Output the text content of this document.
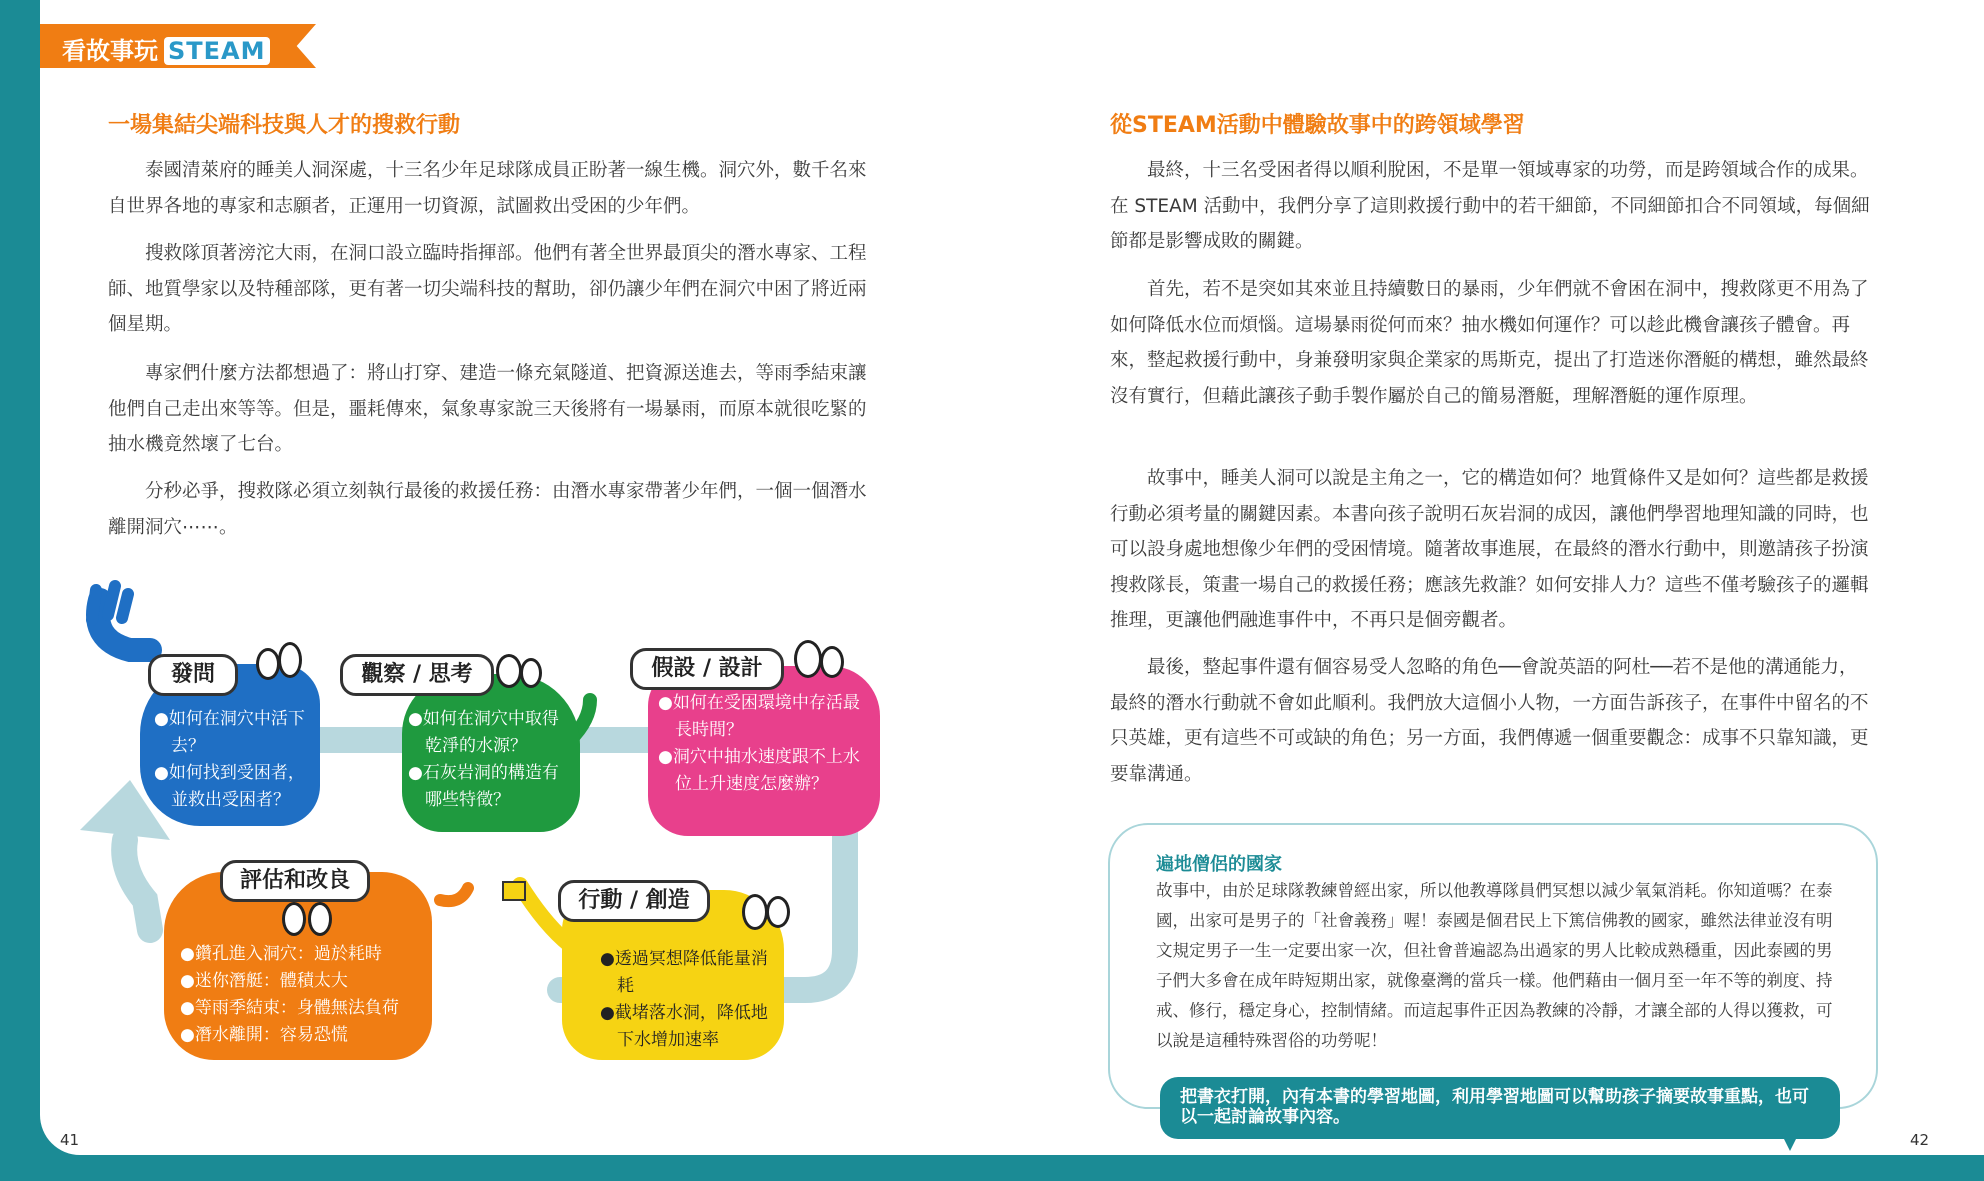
看故事玩 STEAM
一場集結尖端科技與人才的搜救行動

泰國清萊府的睡美人洞深處，十三名少年足球隊成員正盼著一線生機。洞穴外，數千名來自世界各地的專家和志願者，正運用一切資源，試圖救出受困的少年們。

搜救隊頂著滂沱大雨，在洞口設立臨時指揮部。他們有著全世界最頂尖的潛水專家、工程師、地質學家以及特種部隊，更有著一切尖端科技的幫助，卻仍讓少年們在洞穴中困了將近兩個星期。

專家們什麼方法都想過了：將山打穿、建造一條充氣隧道、把資源送進去，等雨季結束讓他們自己走出來等等。但是，噩耗傳來，氣象專家說三天後將有一場暴雨，而原本就很吃緊的抽水機竟然壞了七台。

分秒必爭，搜救隊必須立刻執行最後的救援任務：由潛水專家帶著少年們，一個一個潛水離開洞穴⋯⋯。

發問
● 如何在洞穴中活下去？
● 如何找到受困者，並救出受困者？
觀察 / 思考
● 如何在洞穴中取得乾淨的水源？
● 石灰岩洞的構造有哪些特徵？
假設 / 設計
● 如何在受困環境中存活最長時間？
● 洞穴中抽水速度跟不上水位上升速度怎麼辦？
評估和改良
● 鑽孔進入洞穴：過於耗時
● 迷你潛艇：體積太大
● 等雨季結束：身體無法負荷
● 潛水離開：容易恐慌
行動 / 創造
● 透過冥想降低能量消耗
● 截堵落水洞，降低地下水增加速率
41
從STEAM活動中體驗故事中的跨領域學習

最終，十三名受困者得以順利脫困，不是單一領域專家的功勞，而是跨領域合作的成果。在 STEAM 活動中，我們分享了這則救援行動中的若干細節，不同細節扣合不同領域，每個細節都是影響成敗的關鍵。

首先，若不是突如其來並且持續數日的暴雨，少年們就不會困在洞中，搜救隊更不用為了如何降低水位而煩惱。這場暴雨從何而來？抽水機如何運作？可以趁此機會讓孩子體會。再來，整起救援行動中，身兼發明家與企業家的馬斯克，提出了打造迷你潛艇的構想，雖然最終沒有實行，但藉此讓孩子動手製作屬於自己的簡易潛艇，理解潛艇的運作原理。

故事中，睡美人洞可以說是主角之一，它的構造如何？地質條件又是如何？這些都是救援行動必須考量的關鍵因素。本書向孩子說明石灰岩洞的成因，讓他們學習地理知識的同時，也可以設身處地想像少年們的受困情境。隨著故事進展，在最終的潛水行動中，則邀請孩子扮演搜救隊長，策畫一場自己的救援任務；應該先救誰？如何安排人力？這些不僅考驗孩子的邏輯推理，更讓他們融進事件中，不再只是個旁觀者。

最後，整起事件還有個容易受人忽略的角色──會說英語的阿杜──若不是他的溝通能力，最終的潛水行動就不會如此順利。我們放大這個小人物，一方面告訴孩子，在事件中留名的不只英雄，更有這些不可或缺的角色；另一方面，我們傳遞一個重要觀念：成事不只靠知識，更要靠溝通。

遍地僧侶的國家

故事中，由於足球隊教練曾經出家，所以他教導隊員們冥想以減少氧氣消耗。你知道嗎？在泰國，出家可是男子的「社會義務」喔！泰國是個君民上下篤信佛教的國家，雖然法律並沒有明文規定男子一生一定要出家一次，但社會普遍認為出過家的男人比較成熟穩重，因此泰國的男子們大多會在成年時短期出家，就像臺灣的當兵一樣。他們藉由一個月至一年不等的剃度、持戒、修行，穩定身心，控制情緒。而這起事件正因為教練的冷靜，才讓全部的人得以獲救，可以說是這種特殊習俗的功勞呢！

把書衣打開，內有本書的學習地圖，利用學習地圖可以幫助孩子摘要故事重點，也可以一起討論故事內容。
42
